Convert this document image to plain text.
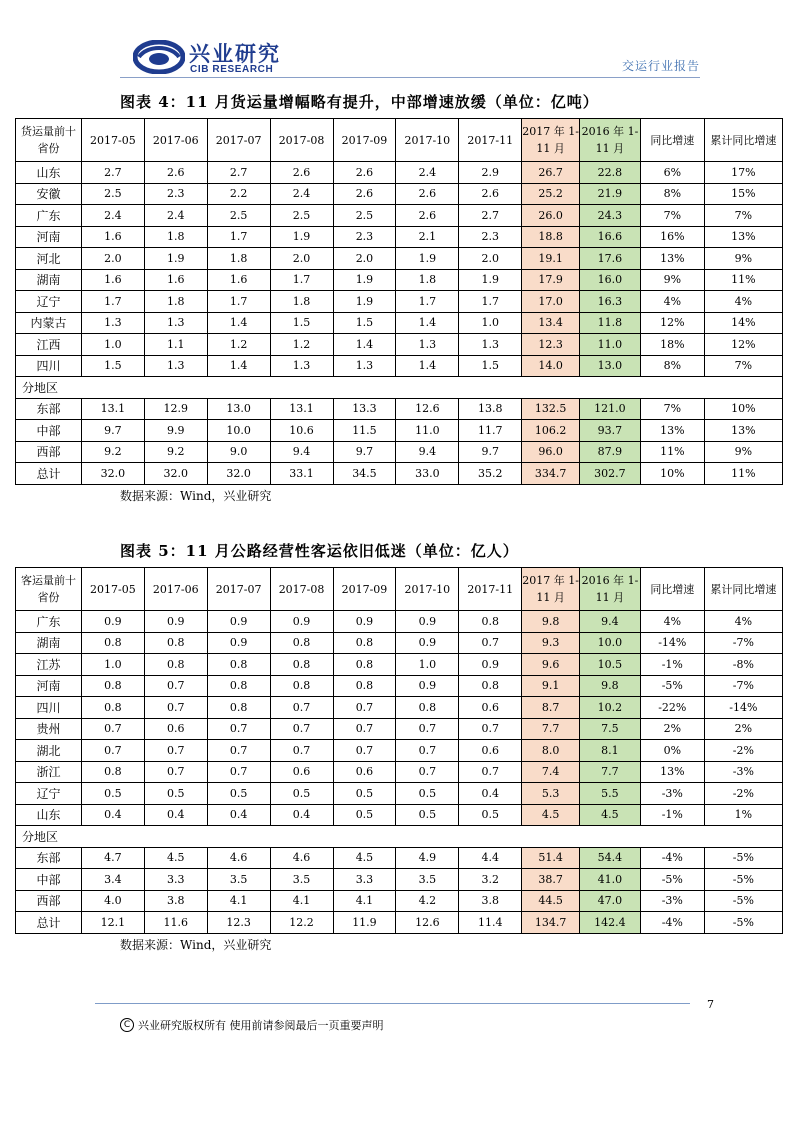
兴业研究
CIB RESEARCH	交运行业报告
图表 4：11 月货运量增幅略有提升，中部增速放缓（单位：亿吨）
货运量前十省份	2017-05	2017-06	2017-07	2017-08	2017-09	2017-10	2017-11	2017 年 1-11 月	2016 年 1-11 月	同比增速	累计同比增速
山东	2.7	2.6	2.7	2.6	2.6	2.4	2.9	26.7	22.8	6%	17%
安徽	2.5	2.3	2.2	2.4	2.6	2.6	2.6	25.2	21.9	8%	15%
广东	2.4	2.4	2.5	2.5	2.5	2.6	2.7	26.0	24.3	7%	7%
河南	1.6	1.8	1.7	1.9	2.3	2.1	2.3	18.8	16.6	16%	13%
河北	2.0	1.9	1.8	2.0	2.0	1.9	2.0	19.1	17.6	13%	9%
湖南	1.6	1.6	1.6	1.7	1.9	1.8	1.9	17.9	16.0	9%	11%
辽宁	1.7	1.8	1.7	1.8	1.9	1.7	1.7	17.0	16.3	4%	4%
内蒙古	1.3	1.3	1.4	1.5	1.5	1.4	1.0	13.4	11.8	12%	14%
江西	1.0	1.1	1.2	1.2	1.4	1.3	1.3	12.3	11.0	18%	12%
四川	1.5	1.3	1.4	1.3	1.3	1.4	1.5	14.0	13.0	8%	7%
分地区											
东部	13.1	12.9	13.0	13.1	13.3	12.6	13.8	132.5	121.0	7%	10%
中部	9.7	9.9	10.0	10.6	11.5	11.0	11.7	106.2	93.7	13%	13%
西部	9.2	9.2	9.0	9.4	9.7	9.4	9.7	96.0	87.9	11%	9%
总计	32.0	32.0	32.0	33.1	34.5	33.0	35.2	334.7	302.7	10%	11%
数据来源：Wind，兴业研究
图表 5：11 月公路经营性客运依旧低迷（单位：亿人）
客运量前十省份	2017-05	2017-06	2017-07	2017-08	2017-09	2017-10	2017-11	2017 年 1-11 月	2016 年 1-11 月	同比增速	累计同比增速
广东	0.9	0.9	0.9	0.9	0.9	0.9	0.8	9.8	9.4	4%	4%
湖南	0.8	0.8	0.9	0.8	0.8	0.9	0.7	9.3	10.0	-14%	-7%
江苏	1.0	0.8	0.8	0.8	0.8	1.0	0.9	9.6	10.5	-1%	-8%
河南	0.8	0.7	0.8	0.8	0.8	0.9	0.8	9.1	9.8	-5%	-7%
四川	0.8	0.7	0.8	0.7	0.7	0.8	0.6	8.7	10.2	-22%	-14%
贵州	0.7	0.6	0.7	0.7	0.7	0.7	0.7	7.7	7.5	2%	2%
湖北	0.7	0.7	0.7	0.7	0.7	0.7	0.6	8.0	8.1	0%	-2%
浙江	0.8	0.7	0.7	0.6	0.6	0.7	0.7	7.4	7.7	13%	-3%
辽宁	0.5	0.5	0.5	0.5	0.5	0.5	0.4	5.3	5.5	-3%	-2%
山东	0.4	0.4	0.4	0.4	0.5	0.5	0.5	4.5	4.5	-1%	1%
分地区											
东部	4.7	4.5	4.6	4.6	4.5	4.9	4.4	51.4	54.4	-4%	-5%
中部	3.4	3.3	3.5	3.5	3.3	3.5	3.2	38.7	41.0	-5%	-5%
西部	4.0	3.8	4.1	4.1	4.1	4.2	3.8	44.5	47.0	-3%	-5%
总计	12.1	11.6	12.3	12.2	11.9	12.6	11.4	134.7	142.4	-4%	-5%
数据来源：Wind，兴业研究
7
C 兴业研究版权所有 使用前请参阅最后一页重要声明
